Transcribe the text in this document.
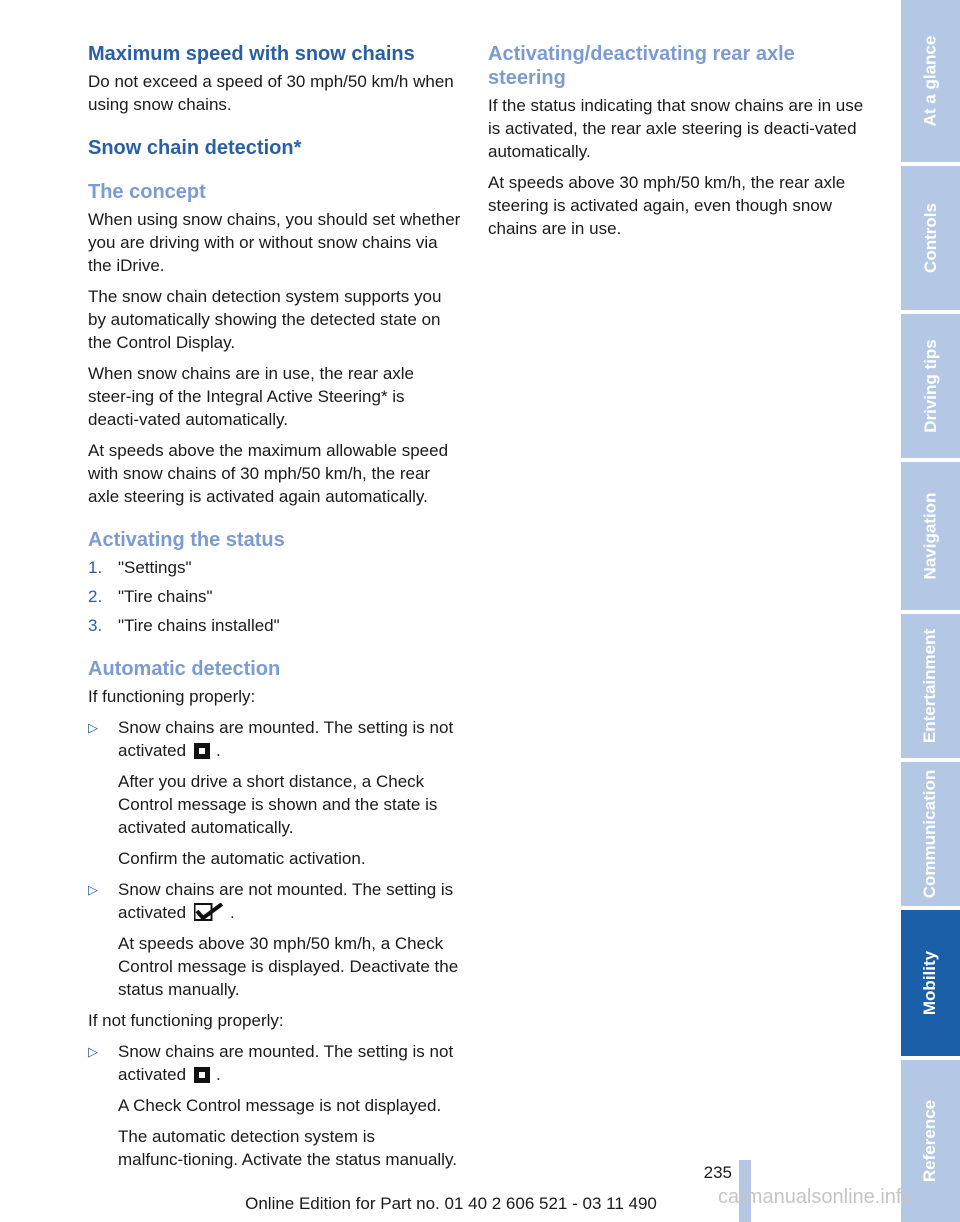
Maximum speed with snow chains

Do not exceed a speed of 30 mph/50 km/h when using snow chains.

Snow chain detection*
The concept

When using snow chains, you should set whether you are driving with or without snow chains via the iDrive.

The snow chain detection system supports you by automatically showing the detected state on the Control Display.

When snow chains are in use, the rear axle steer‑ing of the Integral Active Steering* is deacti‑vated automatically.

At speeds above the maximum allowable speed with snow chains of 30 mph/50 km/h, the rear axle steering is activated again automatically.

Activating the status
1. "Settings"
2. "Tire chains"
3. "Tire chains installed"
Automatic detection

If functioning properly:

▷ Snow chains are mounted. The setting is not activated .

After you drive a short distance, a Check Control message is shown and the state is activated automatically.

Confirm the automatic activation.

▷ Snow chains are not mounted. The setting is activated	.

At speeds above 30 mph/50 km/h, a Check Control message is displayed. Deactivate the status manually.

If not functioning properly:

▷ Snow chains are mounted. The setting is not activated .

A Check Control message is not displayed.

The automatic detection system is malfunc‑tioning. Activate the status manually.

Activating/deactivating rear axle steering

If the status indicating that snow chains are in use is activated, the rear axle steering is deacti‑vated automatically.

At speeds above 30 mph/50 km/h, the rear axle steering is activated again, even though snow chains are in use.

At a glance
Controls
Driving tips
Navigation
Entertainment
Communication
Mobility
Reference
235
Online Edition for Part no. 01 40 2 606 521 - 03 11 490	carmanualsonline.info
